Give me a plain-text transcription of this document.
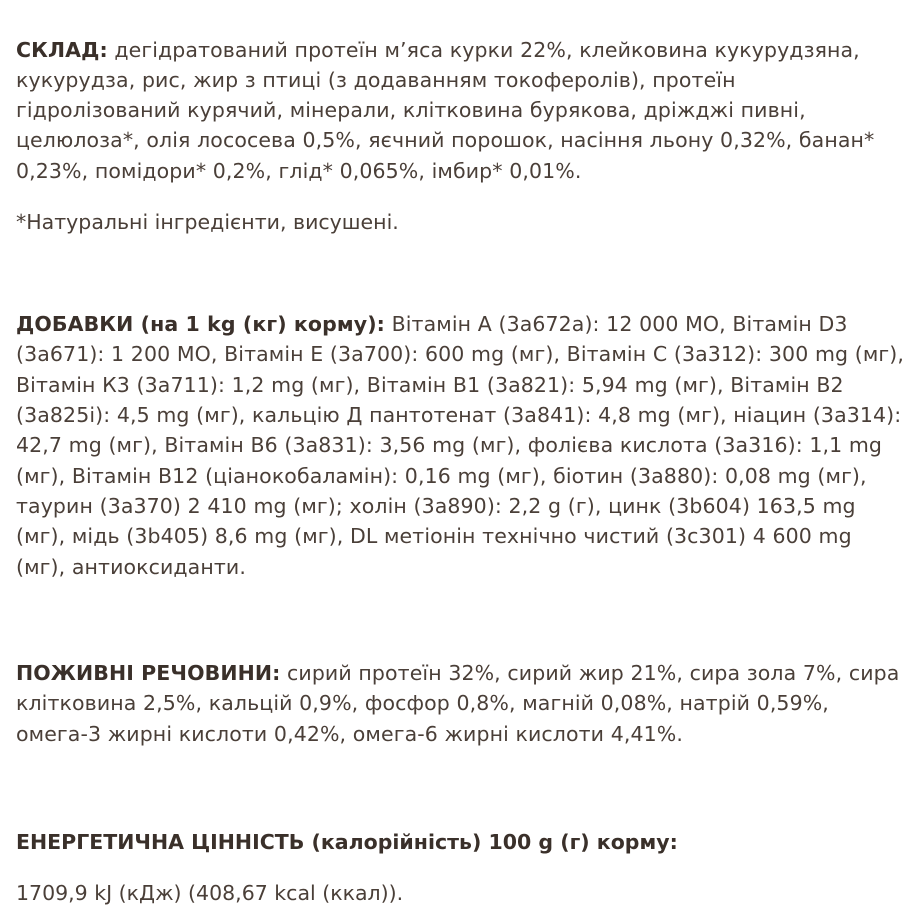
СКЛАД: дегідратований протеїн м’яса курки 22%, клейковина кукурудзяна, кукурудза, рис, жир з птиці (з додаванням токоферолів), протеїн гідролізований курячий, мінерали, клітковина бурякова, дріжджі пивні, целюлоза*, олія лососева 0,5%, яєчний порошок, насіння льону 0,32%, банан* 0,23%, помідори* 0,2%, глід* 0,065%, імбир* 0,01%.

*Натуральні інгредієнти, висушені.

ДОБАВКИ (на 1 kg (кг) корму): Вітамін А (3а672а): 12 000 МО, Вітамін D3 (3а671): 1 200 МО, Вітамін Е (3а700): 600 mg (мг), Вітамін С (3а312): 300 mg (мг), Вітамін К3 (3а711): 1,2 mg (мг), Вітамін В1 (3а821): 5,94 mg (мг), Вітамін В2 (3а825і): 4,5 mg (мг), кальцію Д пантотенат (3а841): 4,8 mg (мг), ніацин (3а314): 42,7 mg (мг), Вітамін В6 (3а831): 3,56 mg (мг), фолієва кислота (3а316): 1,1 mg (мг), Вітамін В12 (ціанокобаламін): 0,16 mg (мг), біотин (3а880): 0,08 mg (мг), таурин (3а370) 2 410 mg (мг); холін (3а890): 2,2 g (г), цинк (3b604) 163,5 mg (мг), мідь (3b405) 8,6 mg (мг), DL метіонін технічно чистий (3с301) 4 600 mg (мг), антиоксиданти.

ПОЖИВНІ РЕЧОВИНИ: сирий протеїн 32%, сирий жир 21%, сира зола 7%, сира клітковина 2,5%, кальцій 0,9%, фосфор 0,8%, магній 0,08%, натрій 0,59%, омега-3 жирні кислоти 0,42%, омега-6 жирні кислоти 4,41%.

ЕНЕРГЕТИЧНА ЦІННІСТЬ (калорійність) 100 g (г) корму:

1709,9 kJ (кДж) (408,67 kcal (ккал)).
